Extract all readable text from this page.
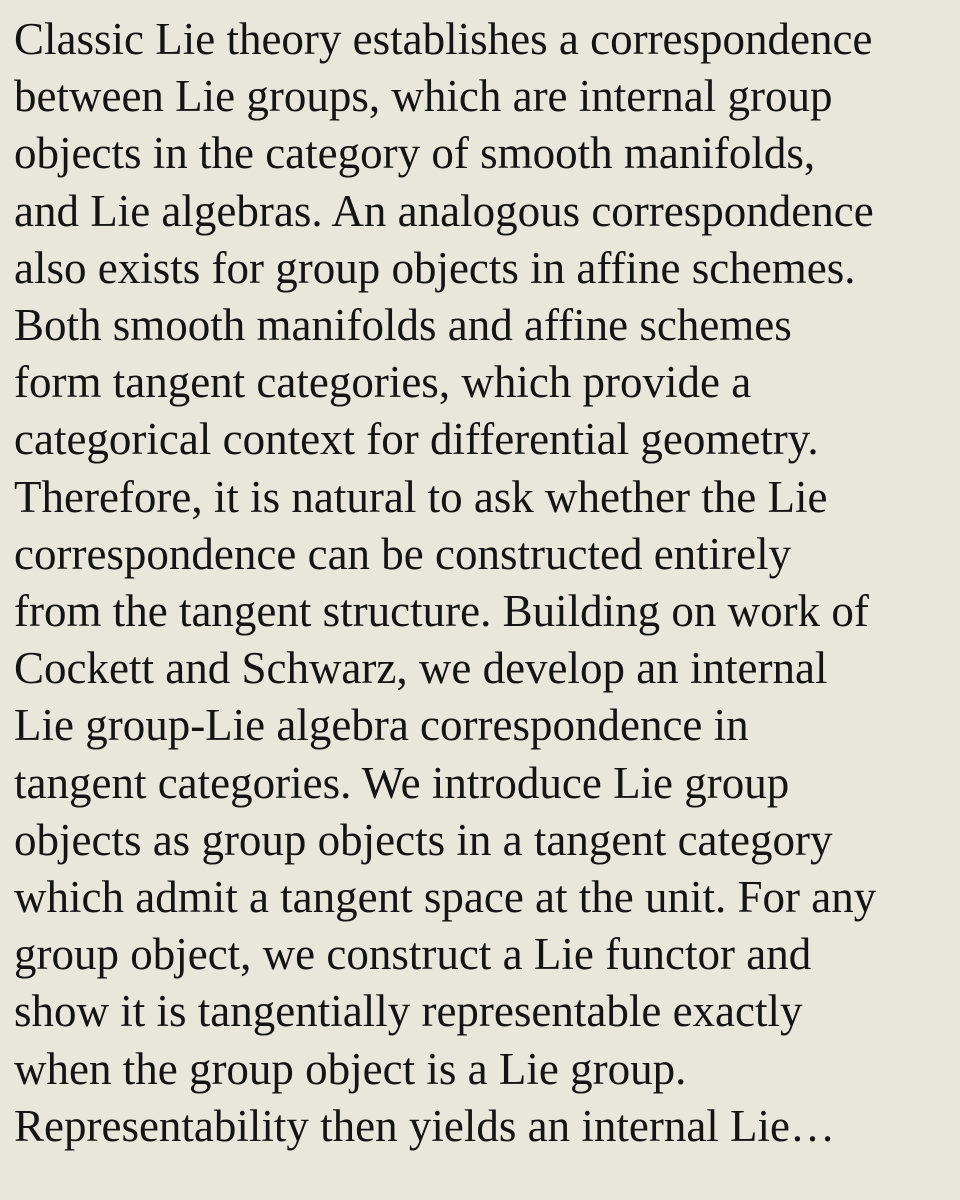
Classic Lie theory establishes a correspondence
between Lie groups, which are internal group
objects in the category of smooth manifolds,
and Lie algebras. An analogous correspondence
also exists for group objects in affine schemes.
Both smooth manifolds and affine schemes
form tangent categories, which provide a
categorical context for differential geometry.
Therefore, it is natural to ask whether the Lie
correspondence can be constructed entirely
from the tangent structure. Building on work of
Cockett and Schwarz, we develop an internal
Lie group-Lie algebra correspondence in
tangent categories. We introduce Lie group
objects as group objects in a tangent category
which admit a tangent space at the unit. For any
group object, we construct a Lie functor and
show it is tangentially representable exactly
when the group object is a Lie group.
Representability then yields an internal Lie…
